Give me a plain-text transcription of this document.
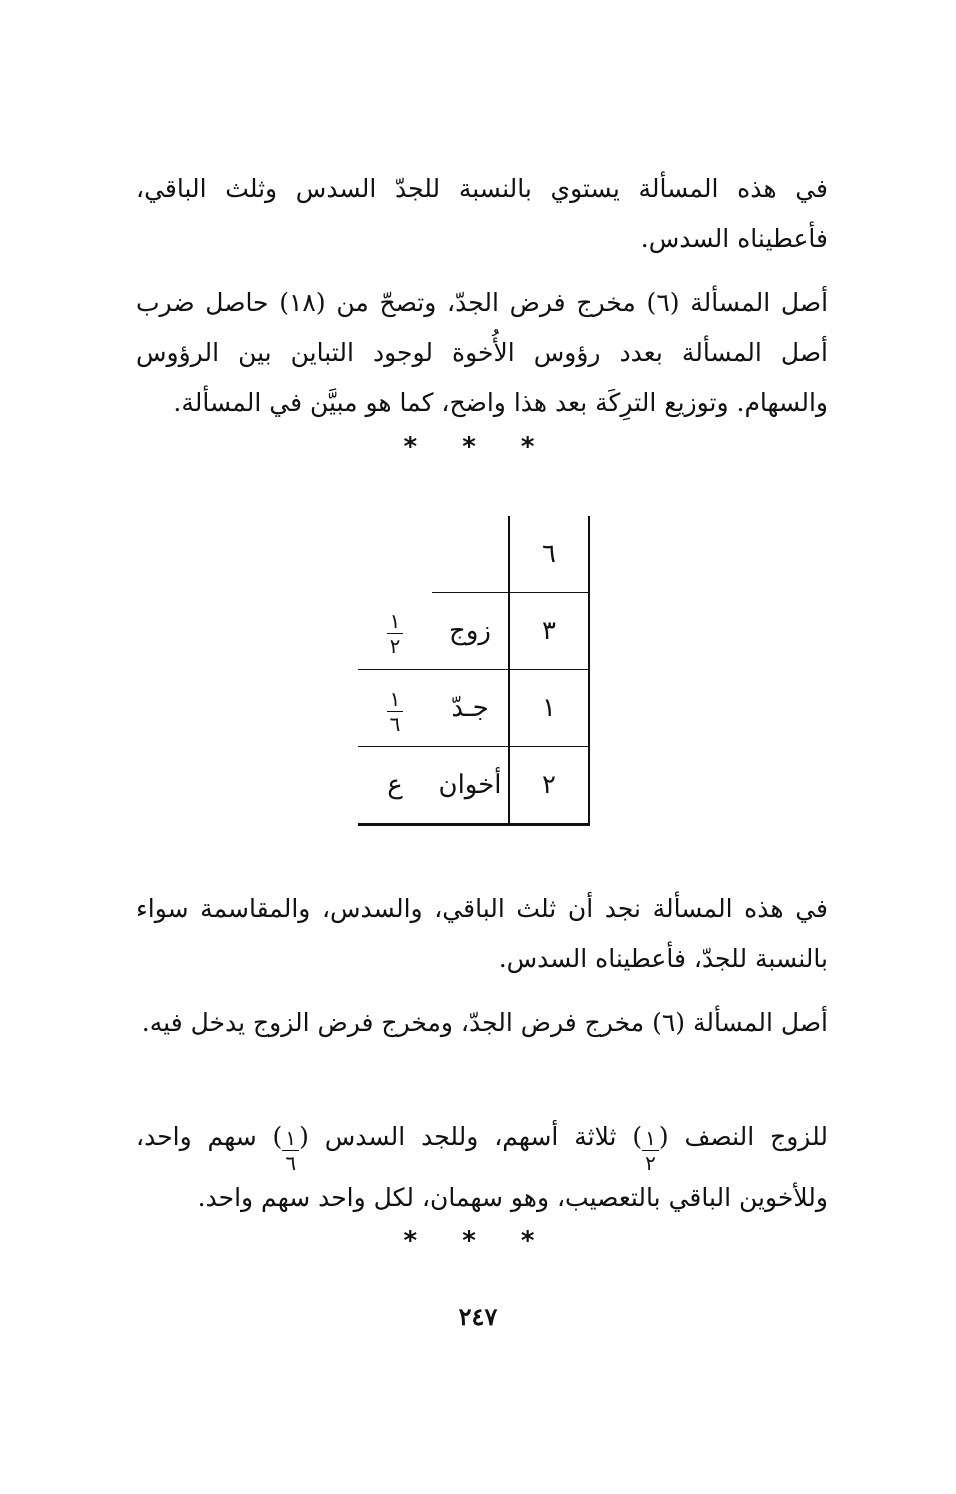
في هذه المسألة يستوي بالنسبة للجدّ السدس وثلث الباقي، فأعطيناه السدس.
أصل المسألة (٦) مخرج فرض الجدّ، وتصحّ من (١٨) حاصل ضرب أصل المسألة بعدد رؤوس الأُخوة لوجود التباين بين الرؤوس والسهام. وتوزيع الترِكَة بعد هذا واضح، كما هو مبيَّن في المسألة.
* * *
٦		
٣	زوج	$\frac{١}{٢}$

١	جـدّ	$\frac{١}{٦}$

٢	أخوان	ع
في هذه المسألة نجد أن ثلث الباقي، والسدس، والمقاسمة سواء بالنسبة للجدّ، فأعطيناه السدس.
أصل المسألة (٦) مخرج فرض الجدّ، ومخرج فرض الزوج يدخل فيه.
للزوج النصف (
$\frac{١}{٢}$
) ثلاثة أسهم، وللجد السدس (
$\frac{١}{٦}$
) سهم واحد، وللأخوين الباقي بالتعصيب، وهو سهمان، لكل واحد سهم واحد.
* * *
٢٤٧
